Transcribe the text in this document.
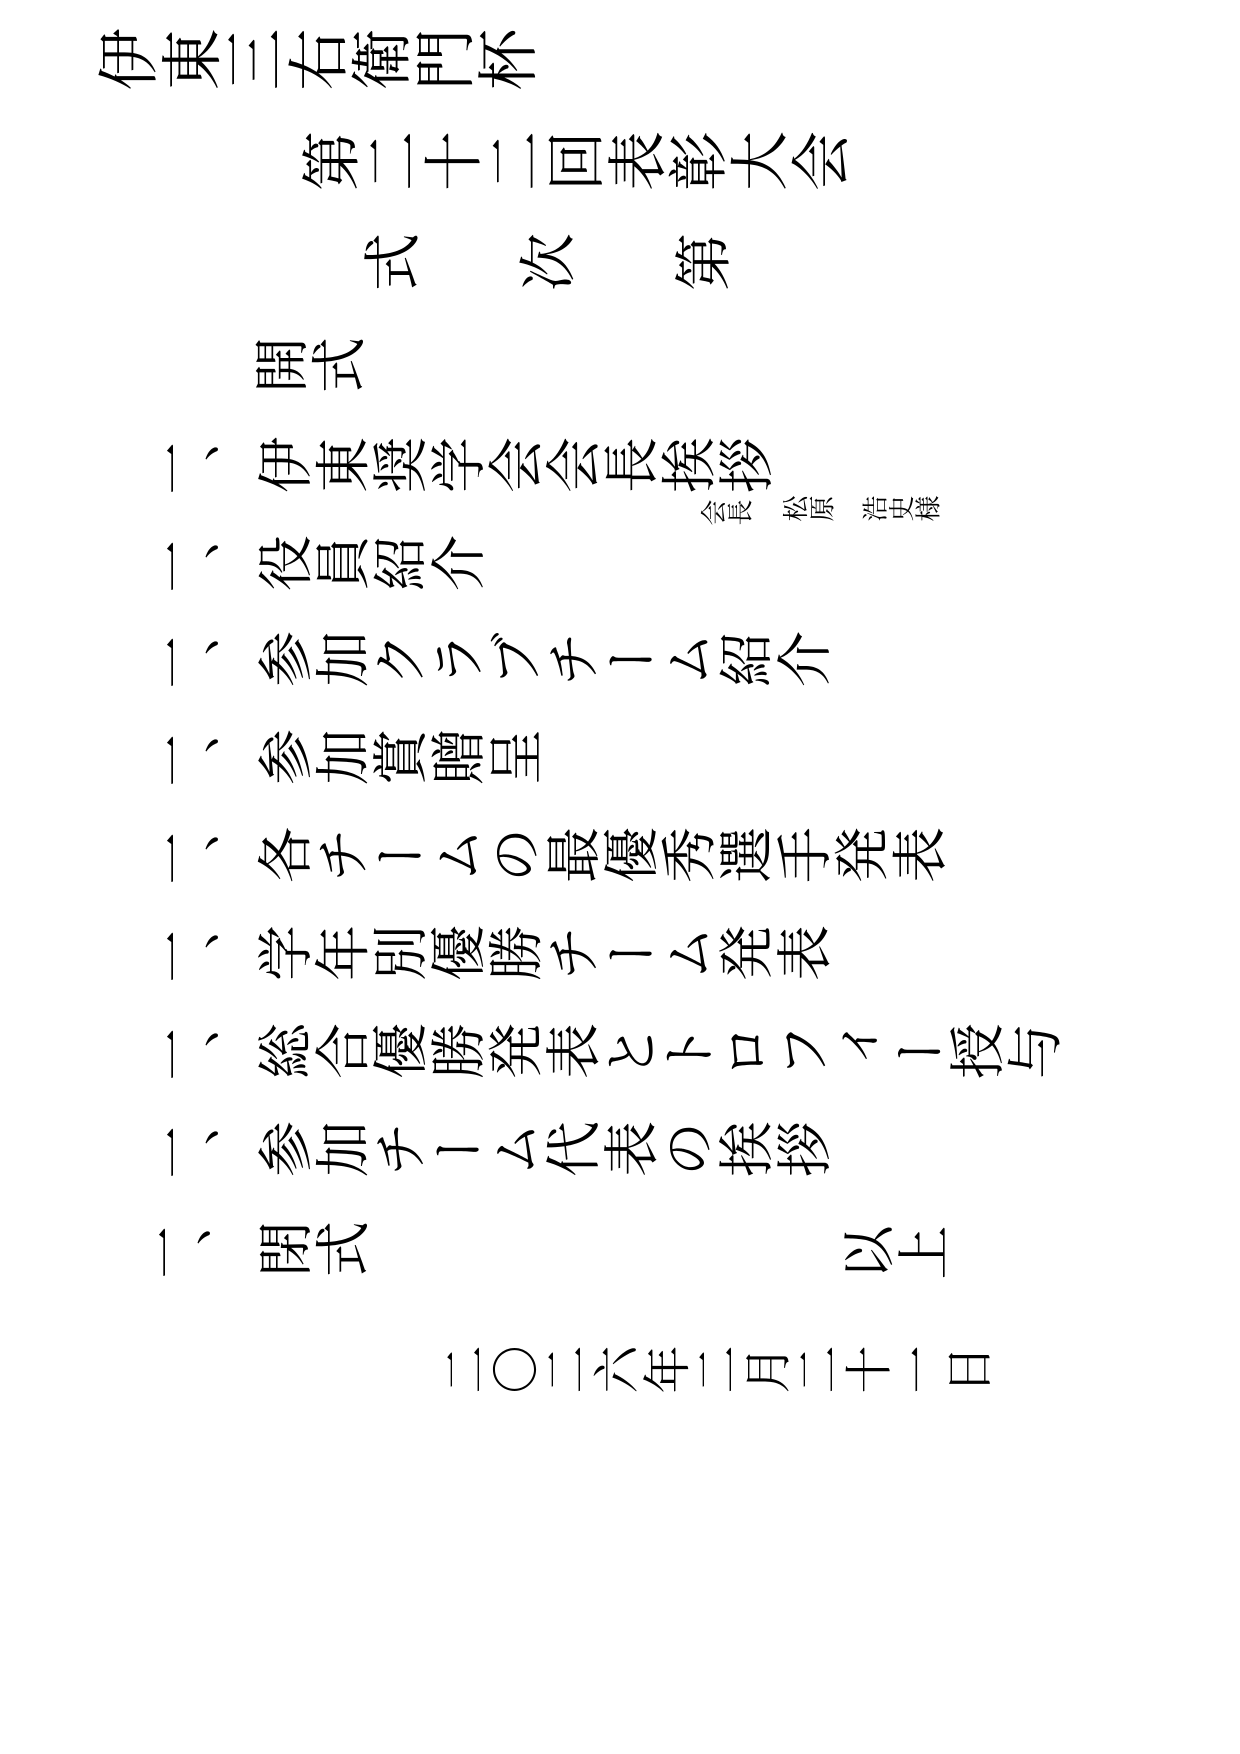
伊東三右衛門杯
第二十二回表彰大会
式　次　第
開式
一、
伊東奨学会会長挨拶
会長 松原　浩史様
一、
役員紹介
一、
参加クラブチーム紹介
一、
参加賞贈呈
一、
各チームの最優秀選手発表
一、
学年別優勝チーム発表
一、
総合優勝発表とトロフィー授与
一、
参加チーム代表の挨拶
一、 閉式	以上
二〇二六年二月二十一日
